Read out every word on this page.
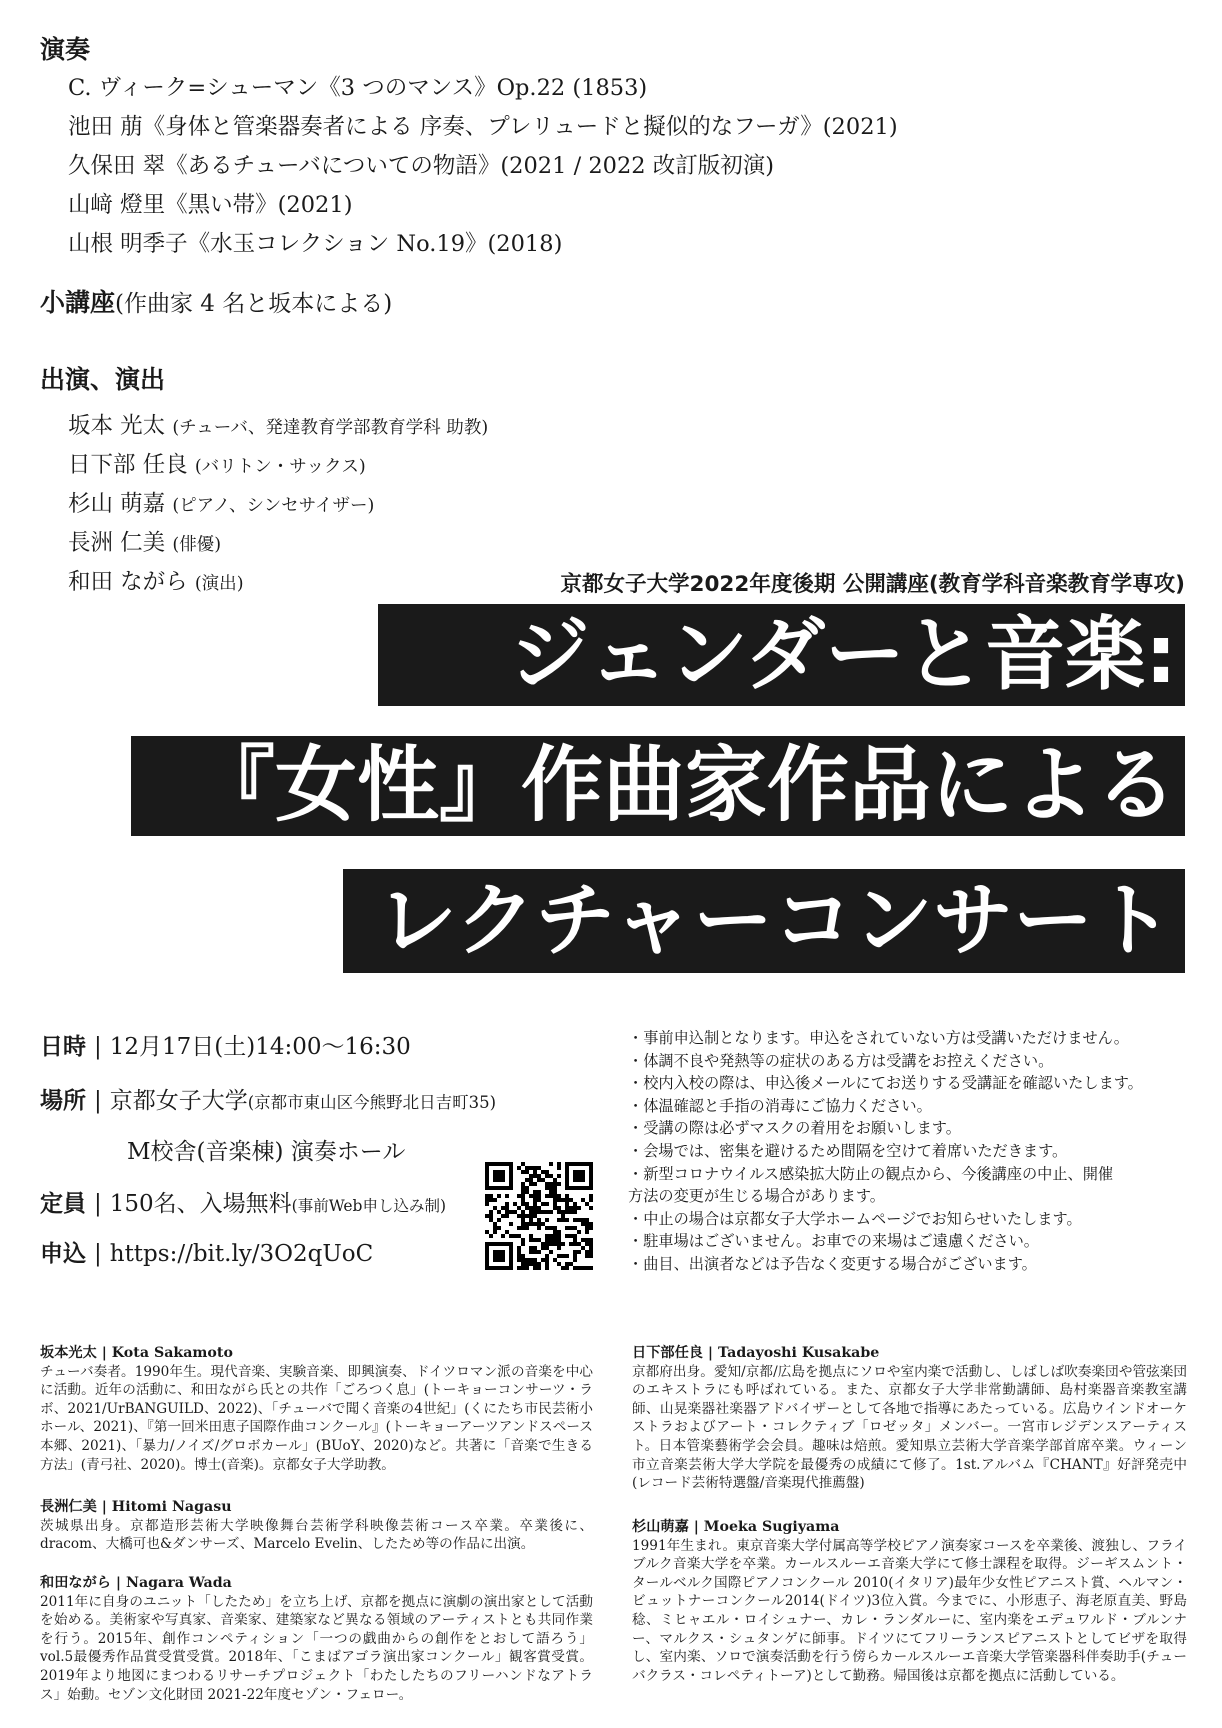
演奏
C. ヴィーク=シューマン《3 つのマンス》Op.22 (1853)
池田 萠《身体と管楽器奏者による 序奏、プレリュードと擬似的なフーガ》(2021)
久保田 翠《あるチューバについての物語》(2021 / 2022 改訂版初演)
山﨑 燈里《黒い帯》(2021)
山根 明季子《水玉コレクション No.19》(2018)
小講座(作曲家 4 名と坂本による)
出演、演出
坂本 光太 (チューバ、発達教育学部教育学科 助教)
日下部 任良 (バリトン・サックス)
杉山 萌嘉 (ピアノ、シンセサイザー)
長洲 仁美 (俳優)
和田 ながら (演出)	京都女子大学2022年度後期 公開講座(教育学科音楽教育学専攻)
ジェンダーと音楽:
『女性』作曲家作品による
レクチャーコンサート
日時 | 12月17日(土)14:00〜16:30
場所 | 京都女子大学(京都市東山区今熊野北日吉町35)
M校舎(音楽棟) 演奏ホール
定員 | 150名、入場無料(事前Web申し込み制)
申込 | https://bit.ly/3O2qUoC
・事前申込制となります。申込をされていない方は受講いただけません。
・体調不良や発熱等の症状のある方は受講をお控えください。
・校内入校の際は、申込後メールにてお送りする受講証を確認いたします。
・体温確認と手指の消毒にご協力ください。
・受講の際は必ずマスクの着用をお願いします。
・会場では、密集を避けるため間隔を空けて着席いただきます。
・新型コロナウイルス感染拡大防止の観点から、今後講座の中止、開催
方法の変更が生じる場合があります。
・中止の場合は京都女子大学ホームページでお知らせいたします。
・駐車場はございません。お車での来場はご遠慮ください。
・曲目、出演者などは予告なく変更する場合がございます。
坂本光太 | Kota Sakamoto
チューバ奏者。1990年生。現代音楽、実験音楽、即興演奏、ドイツロマン派の音楽を中心に活動。近年の活動に、和田ながら氏との共作「ごろつく息」(トーキョーコンサーツ・ラボ、2021/UrBANGUILD、2022)、「チューバで聞く音楽の4世紀」(くにたち市民芸術小ホール、2021)、『第一回米田恵子国際作曲コンクール』(トーキョーアーツアンドスペース本郷、2021)、「暴力/ノイズ/グロボカール」(BUoY、2020)など。共著に「音楽で生きる方法」(青弓社、2020)。博士(音楽)。京都女子大学助教。
長洲仁美 | Hitomi Nagasu
茨城県出身。京都造形芸術大学映像舞台芸術学科映像芸術コース卒業。卒業後に、dracom、大橋可也&ダンサーズ、Marcelo Evelin、したため等の作品に出演。
和田ながら | Nagara Wada
2011年に自身のユニット「したため」を立ち上げ、京都を拠点に演劇の演出家として活動を始める。美術家や写真家、音楽家、建築家など異なる領域のアーティストとも共同作業を行う。2015年、創作コンペティション「一つの戯曲からの創作をとおして語ろう」vol.5最優秀作品賞受賞受賞。2018年、「こまばアゴラ演出家コンクール」観客賞受賞。2019年より地図にまつわるリサーチプロジェクト「わたしたちのフリーハンドなアトラス」始動。セゾン文化財団 2021-22年度セゾン・フェロー。
日下部任良 | Tadayoshi Kusakabe
京都府出身。愛知/京都/広島を拠点にソロや室内楽で活動し、しばしば吹奏楽団や管弦楽団のエキストラにも呼ばれている。また、京都女子大学非常勤講師、島村楽器音楽教室講師、山晃楽器社楽器アドバイザーとして各地で指導にあたっている。広島ウインドオーケストラおよびアート・コレクティブ「ロゼッタ」メンバー。一宮市レジデンスアーティスト。日本管楽藝術学会会員。趣味は焙煎。愛知県立芸術大学音楽学部首席卒業。ウィーン市立音楽芸術大学大学院を最優秀の成績にて修了。1st.アルバム『CHANT』好評発売中(レコード芸術特選盤/音楽現代推薦盤)
杉山萌嘉 | Moeka Sugiyama
1991年生まれ。東京音楽大学付属高等学校ピアノ演奏家コースを卒業後、渡独し、フライブルク音楽大学を卒業。カールスルーエ音楽大学にて修士課程を取得。ジーギスムント・タールベルク国際ピアノコンクール 2010(イタリア)最年少女性ピアニスト賞、ヘルマン・ビュットナーコンクール2014(ドイツ)3位入賞。今までに、小形恵子、海老原直美、野島稔、ミヒャエル・ロイシュナー、カレ・ランダルーに、室内楽をエデュワルド・ブルンナー、マルクス・シュタンゲに師事。ドイツにてフリーランスピアニストとしてビザを取得し、室内楽、ソロで演奏活動を行う傍らカールスルーエ音楽大学管楽器科伴奏助手(チューバクラス・コレペティトーア)として勤務。帰国後は京都を拠点に活動している。
